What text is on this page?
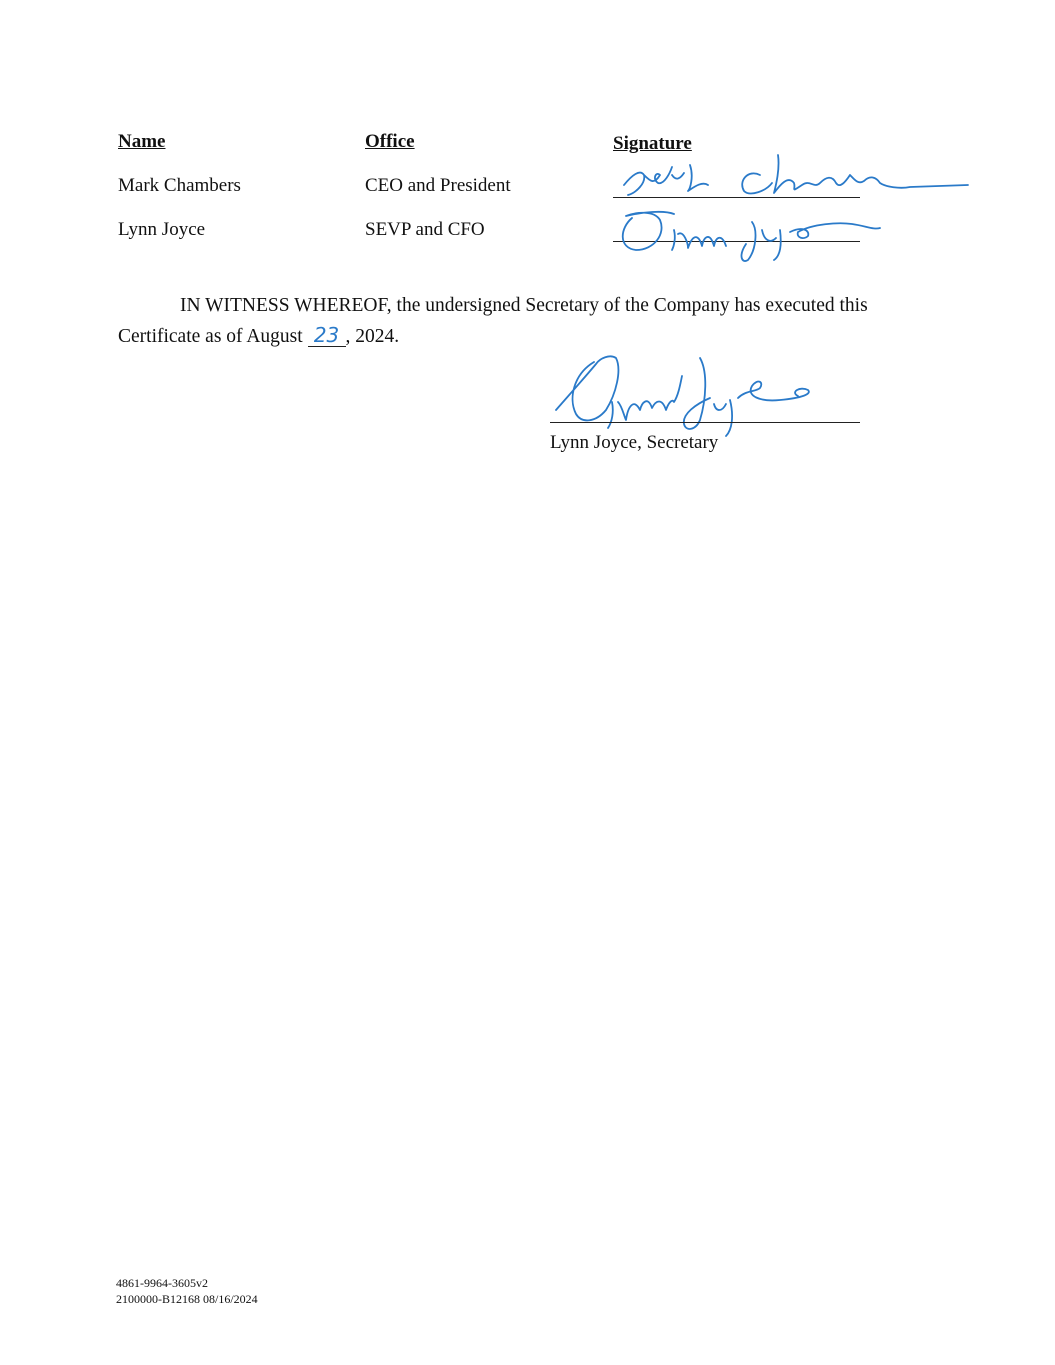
Name	Office	Signature
Mark Chambers	CEO and President
Lynn Joyce	SEVP and CFO
IN WITNESS WHEREOF, the undersigned Secretary of the Company has executed this
Certificate as of August 23 , 2024.
Lynn Joyce, Secretary
4861-9964-3605v2
2100000-B12168 08/16/2024
